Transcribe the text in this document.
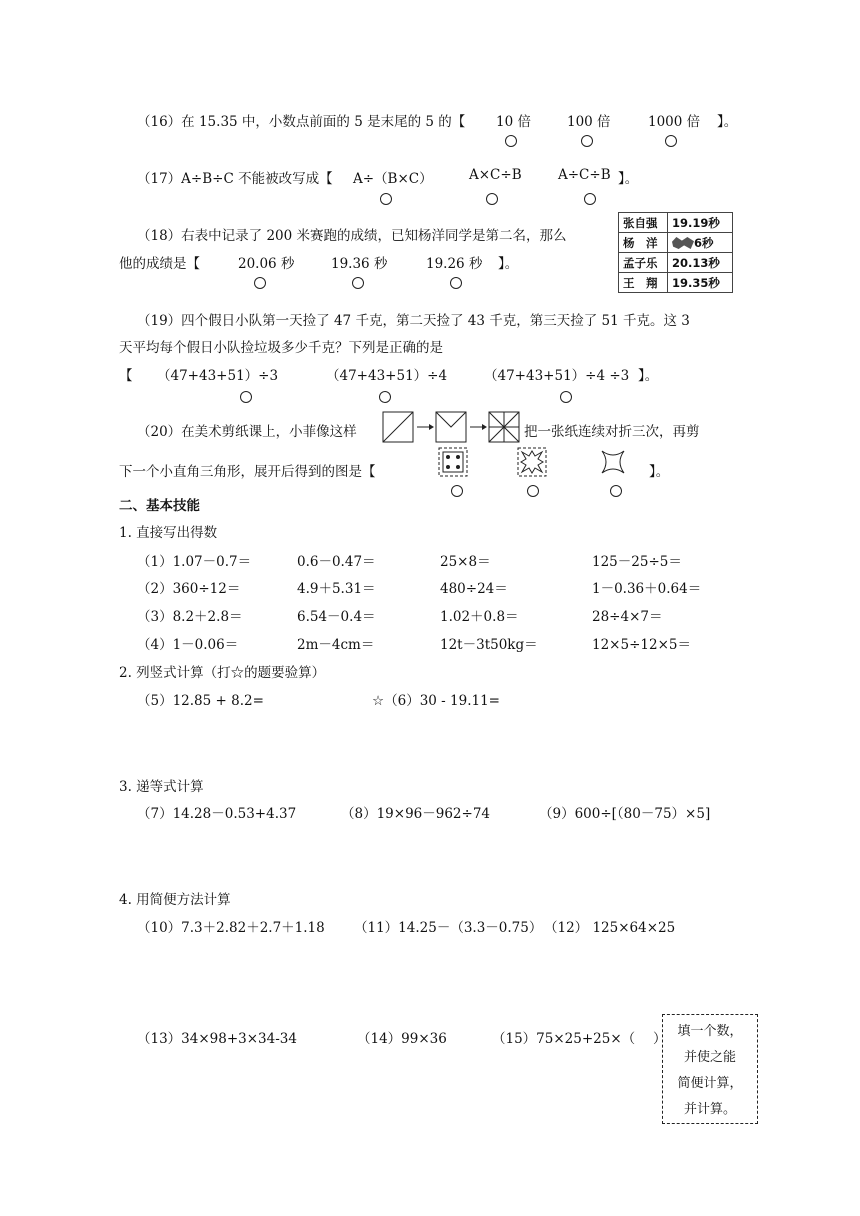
（16）在 15.35 中，小数点前面的 5 是末尾的 5 的【 10 倍	100 倍	1000 倍 】。
（17）A÷B÷C 不能被改写成【 A÷（B×C）	A×C÷B	A÷C÷B 】。
（18）右表中记录了 200 米赛跑的成绩，已知杨洋同学是第二名，那么
他的成绩是【	20.06 秒	19.36 秒	19.26 秒 】。
张自强	19.19秒
杨　洋	6秒
孟子乐	20.13秒
王　翔	19.35秒
（19）四个假日小队第一天捡了 47 千克，第二天捡了 43 千克，第三天捡了 51 千克。这 3
天平均每个假日小队捡垃圾多少千克？下列是正确的是
【 （47+43+51）÷3	（47+43+51）÷4	（47+43+51）÷4 ÷3 】。
（20）在美术剪纸课上，小菲像这样	把一张纸连续对折三次，再剪
下一个小直角三角形，展开后得到的图是【	】。
二、基本技能
1. 直接写出得数
（1）1.07－0.7＝	0.6－0.47＝	25×8＝	125－25÷5＝
（2）360÷12＝	4.9＋5.31＝	480÷24＝	1－0.36＋0.64＝
（3）8.2＋2.8＝	6.54－0.4＝	1.02＋0.8＝	28÷4×7＝
（4）1－0.06＝	2m－4cm＝	12t－3t50kg＝	12×5÷12×5＝
2. 列竖式计算（打☆的题要验算）
（5）12.85 + 8.2=	☆（6）30 - 19.11=
3. 递等式计算
（7）14.28－0.53+4.37	（8）19×96－962÷74	（9）600÷[（80－75）×5]
4. 用简便方法计算
（10）7.3＋2.82＋2.7＋1.18 （11）14.25－（3.3－0.75） （12） 125×64×25
（13）34×98+3×34-34	（14）99×36	（15）75×25+25×（　 ） 填一个数，
并使之能
简便计算，
并计算。
